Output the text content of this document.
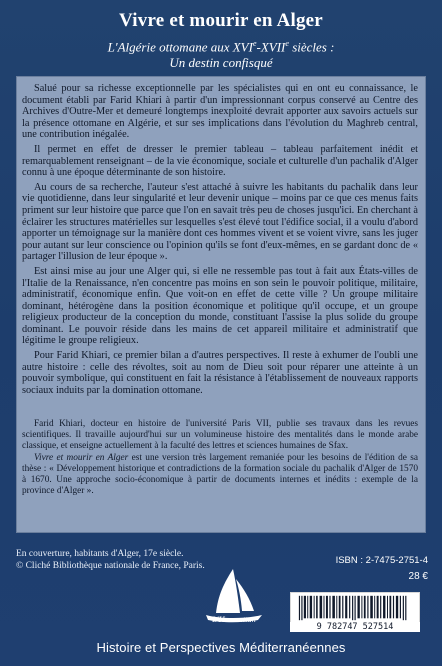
Vivre et mourir en Alger
L'Algérie ottomane aux XVIe-XVIIe siècles :
Un destin confisqué

Salué pour sa richesse exceptionnelle par les spécialistes qui en ont eu connaissance, le document établi par Farid Khiari à partir d'un impressionnant corpus conservé au Centre des Archives d'Outre-Mer et demeuré longtemps inexploité devrait apporter aux savoirs actuels sur la présence ottomane en Algérie, et sur ses implications dans l'évolution du Maghreb central, une contribution inégalée.

Il permet en effet de dresser le premier tableau – tableau parfaitement inédit et remarquablement renseignant – de la vie économique, sociale et culturelle d'un pachalik d'Alger connu à une époque déterminante de son histoire.

Au cours de sa recherche, l'auteur s'est attaché à suivre les habitants du pachalik dans leur vie quotidienne, dans leur singularité et leur devenir unique – moins par ce que ces menus faits priment sur leur histoire que parce que l'on en savait très peu de choses jusqu'ici. En cherchant à éclairer les structures matérielles sur lesquelles s'est élevé tout l'édifice social, il a voulu d'abord apporter un témoignage sur la manière dont ces hommes vivent et se voient vivre, sans les juger pour autant sur leur conscience ou l'opinion qu'ils se font d'eux-mêmes, en se gardant donc de « partager l'illusion de leur époque ».

Est ainsi mise au jour une Alger qui, si elle ne ressemble pas tout à fait aux États-villes de l'Italie de la Renaissance, n'en concentre pas moins en son sein le pouvoir politique, militaire, administratif, économique enfin. Que voit-on en effet de cette ville ? Un groupe militaire dominant, hétérogène dans la position économique et politique qu'il occupe, et un groupe religieux producteur de la conception du monde, constituant l'assise la plus solide du groupe dominant. Le pouvoir réside dans les mains de cet appareil militaire et administratif que légitime le groupe religieux.

Pour Farid Khiari, ce premier bilan a d'autres perspectives. Il reste à exhumer de l'oubli une autre histoire : celle des révoltes, soit au nom de Dieu soit pour réparer une atteinte à un pouvoir symbolique, qui constituent en fait la résistance à l'établissement de nouveaux rapports sociaux induits par la domination ottomane.

Farid Khiari, docteur en histoire de l'université Paris VII, publie ses travaux dans les revues scientifiques. Il travaille aujourd'hui sur un volumineuse histoire des mentalités dans le monde arabe classique, et enseigne actuellement à la faculté des lettres et sciences humaines de Sfax.

Vivre et mourir en Alger est une version très largement remaniée pour les besoins de l'édition de sa thèse : « Développement historique et contradictions de la formation sociale du pachalik d'Alger de 1570 à 1670. Une approche socio-économique à partir de documents internes et inédits : exemple de la province d'Alger ».

En couverture, habitants d'Alger, 17e siècle.
© Cliché Bibliothèque nationale de France, Paris.
L'Harmattan
ISBN : 2-7475-2751-4
28 €
9 782747 527514
Histoire et Perspectives Méditerranéennes
